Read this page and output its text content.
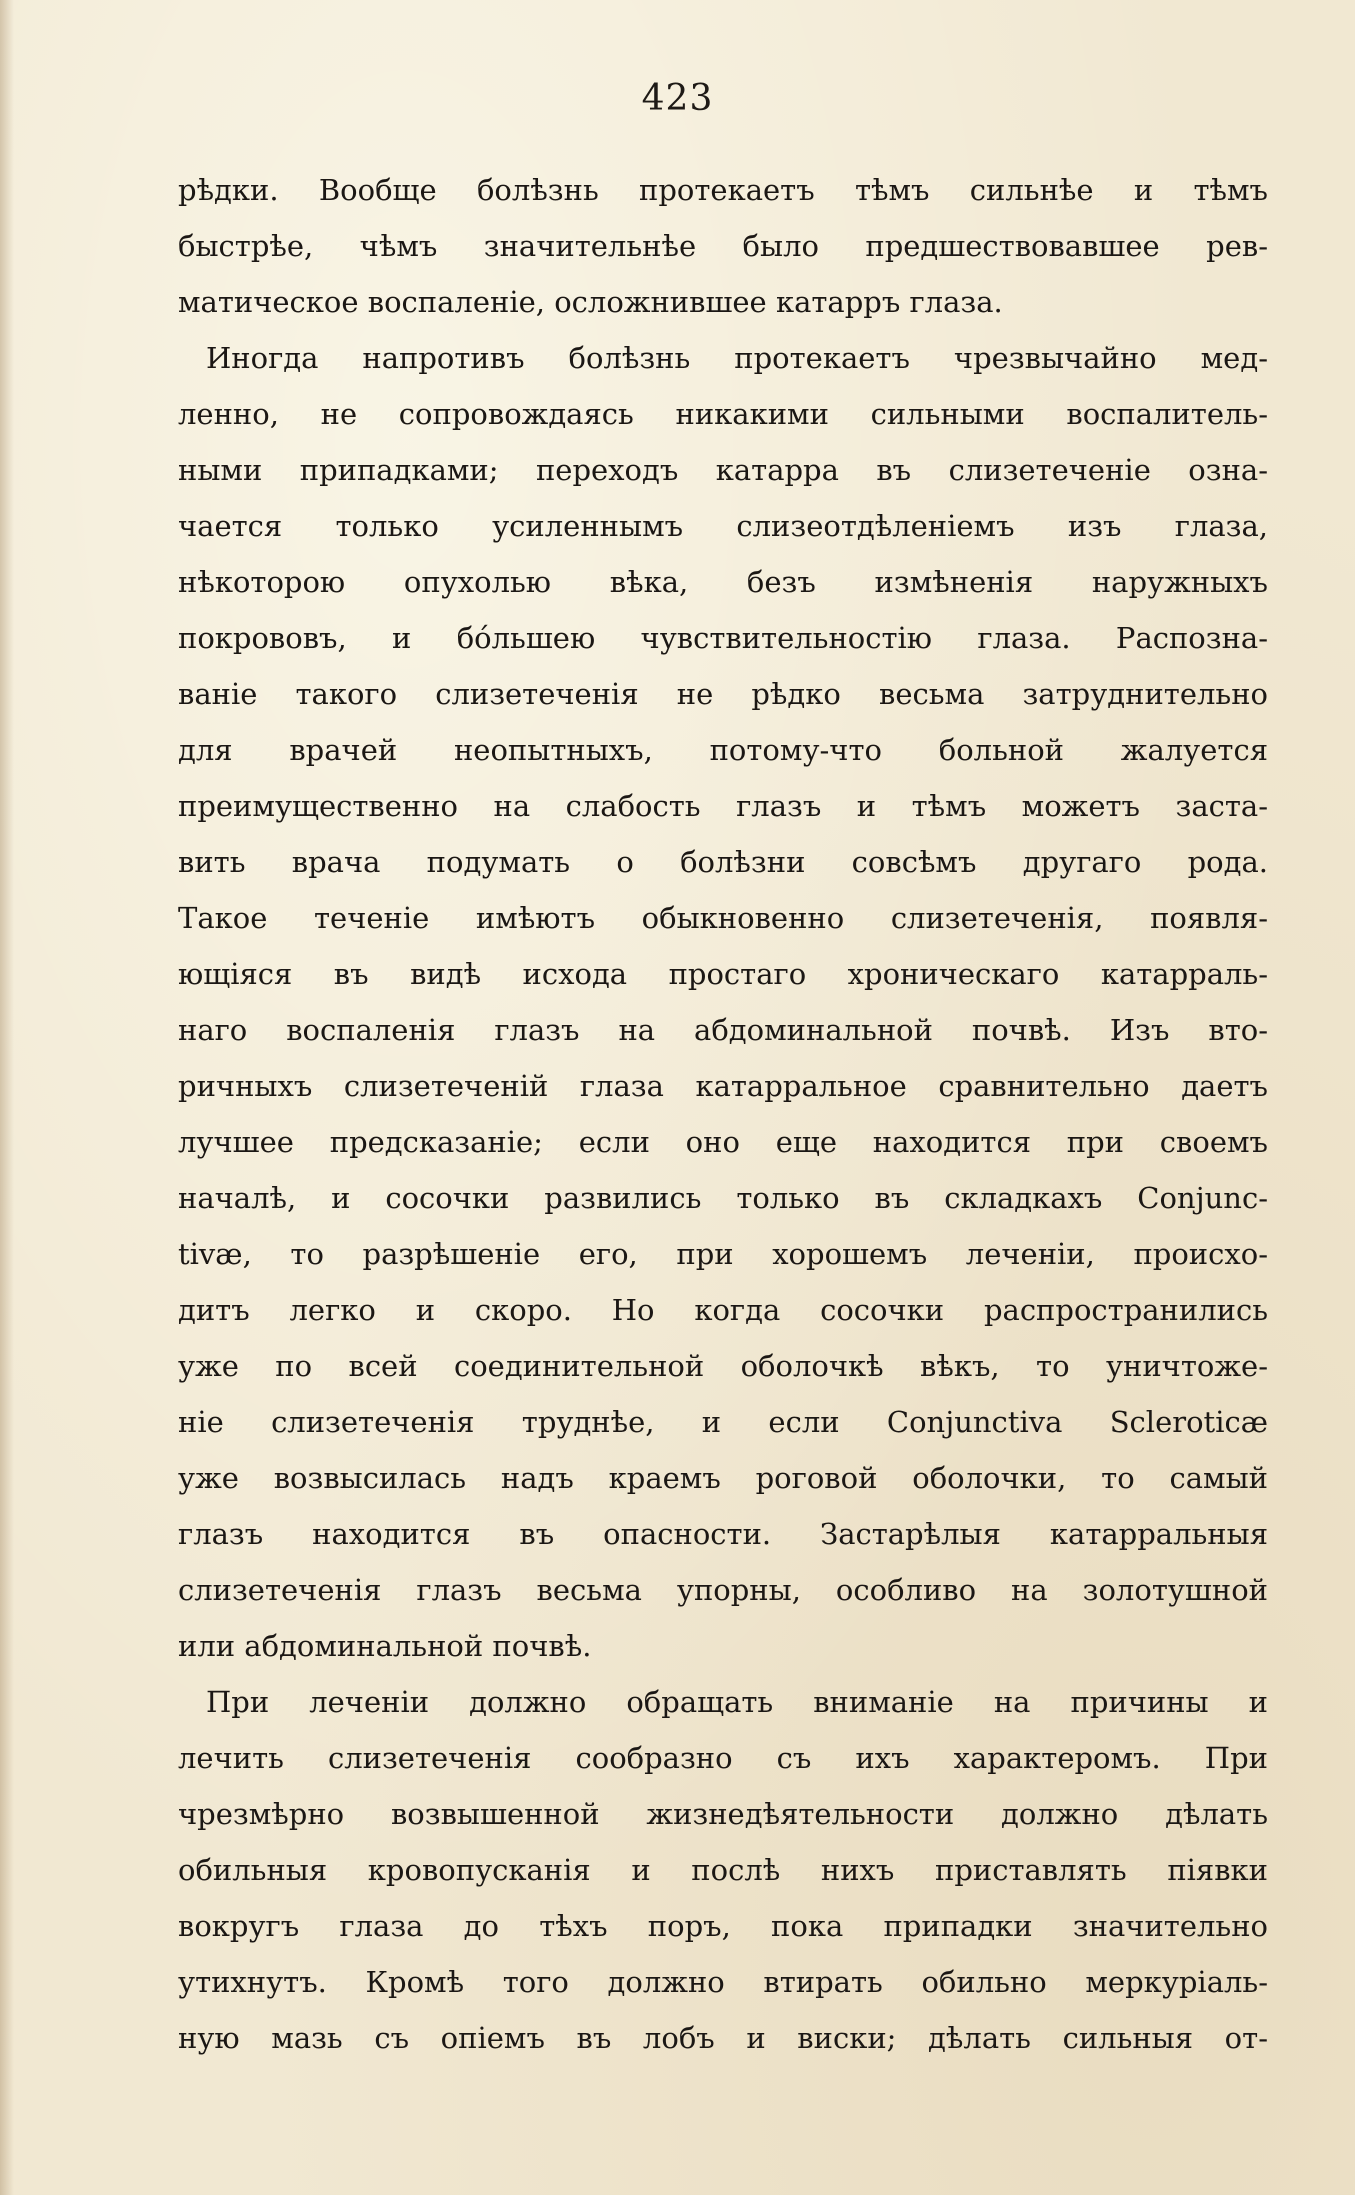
423
рѣдки. Вообще болѣзнь протекаетъ тѣмъ сильнѣе и тѣмъ
быстрѣе, чѣмъ значительнѣе было предшествовавшее рев-
матическое воспаленіе, осложнившее катарръ глаза.
Иногда напротивъ болѣзнь протекаетъ чрезвычайно мед-
ленно, не сопровождаясь никакими сильными воспалитель-
ными припадками; переходъ катарра въ слизетеченіе озна-
чается только усиленнымъ слизеотдѣленіемъ изъ глаза,
нѣкоторою опухолью вѣка, безъ измѣненія наружныхъ
покрововъ, и бо́льшею чувствительностію глаза. Распозна-
ваніе такого слизетеченія не рѣдко весьма затруднительно
для врачей неопытныхъ, потому-что больной жалуется
преимущественно на слабость глазъ и тѣмъ можетъ заста-
вить врача подумать о болѣзни совсѣмъ другаго рода.
Такое теченіе имѣютъ обыкновенно слизетеченія, появля-
ющіяся въ видѣ исхода простаго хроническаго катарраль-
наго воспаленія глазъ на абдоминальной почвѣ. Изъ вто-
ричныхъ слизетеченій глаза катарральное сравнительно даетъ
лучшее предсказаніе; если оно еще находится при своемъ
началѣ, и сосочки развились только въ складкахъ Conjunc-
tivæ, то разрѣшеніе его, при хорошемъ леченіи, происхо-
дитъ легко и скоро. Но когда сосочки распространились
уже по всей соединительной оболочкѣ вѣкъ, то уничтоже-
ніе слизетеченія труднѣе, и если Conjunctiva Scleroticæ
уже возвысилась надъ краемъ роговой оболочки, то самый
глазъ находится въ опасности. Застарѣлыя катарральныя
слизетеченія глазъ весьма упорны, особливо на золотушной
или абдоминальной почвѣ.
При леченіи должно обращать вниманіе на причины и
лечить слизетеченія сообразно съ ихъ характеромъ. При
чрезмѣрно возвышенной жизнедѣятельности должно дѣлать
обильныя кровопусканія и послѣ нихъ приставлять піявки
вокругъ глаза до тѣхъ поръ, пока припадки значительно
утихнутъ. Кромѣ того должно втирать обильно меркуріаль-
ную мазь съ опіемъ въ лобъ и виски; дѣлать сильныя от-
